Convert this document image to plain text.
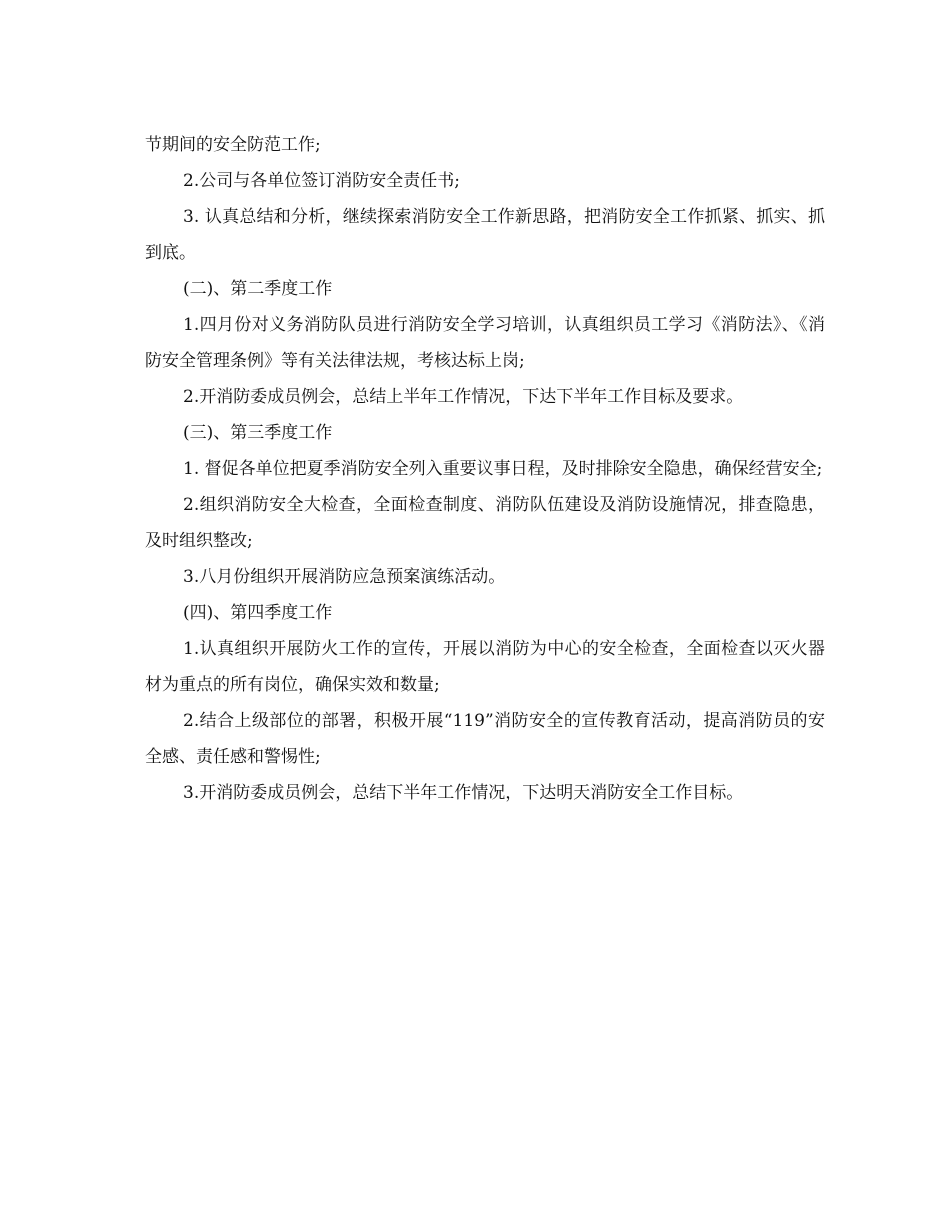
节期间的安全防范工作;

2.公司与各单位签订消防安全责任书;

3. 认真总结和分析，继续探索消防安全工作新思路，把消防安全工作抓紧、抓实、抓到底。

(二)、第二季度工作

1.四月份对义务消防队员进行消防安全学习培训，认真组织员工学习《消防法》、《消防安全管理条例》等有关法律法规，考核达标上岗;

2.开消防委成员例会，总结上半年工作情况，下达下半年工作目标及要求。

(三)、第三季度工作

1. 督促各单位把夏季消防安全列入重要议事日程，及时排除安全隐患，确保经营安全;

2.组织消防安全大检查，全面检查制度、消防队伍建设及消防设施情况，排查隐患，及时组织整改;

3.八月份组织开展消防应急预案演练活动。

(四)、第四季度工作

1.认真组织开展防火工作的宣传，开展以消防为中心的安全检查，全面检查以灭火器材为重点的所有岗位，确保实效和数量;

2.结合上级部位的部署，积极开展“119”消防安全的宣传教育活动，提高消防员的安全感、责任感和警惕性;

3.开消防委成员例会，总结下半年工作情况，下达明天消防安全工作目标。
